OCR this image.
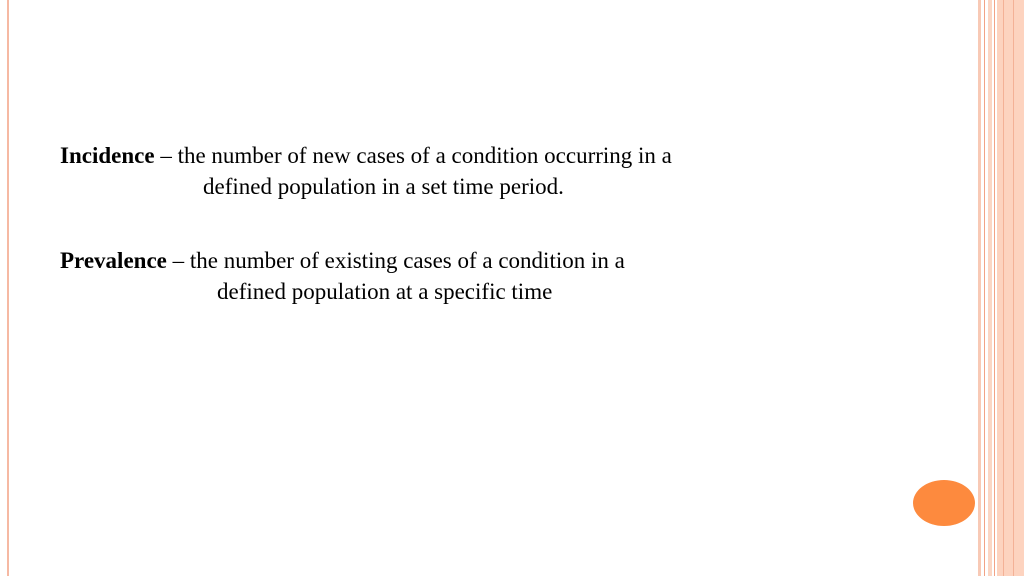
Incidence – the number of new cases of a condition occurring in a
defined population in a set time period.
Prevalence – the number of existing cases of a condition in a
defined population at a specific time
